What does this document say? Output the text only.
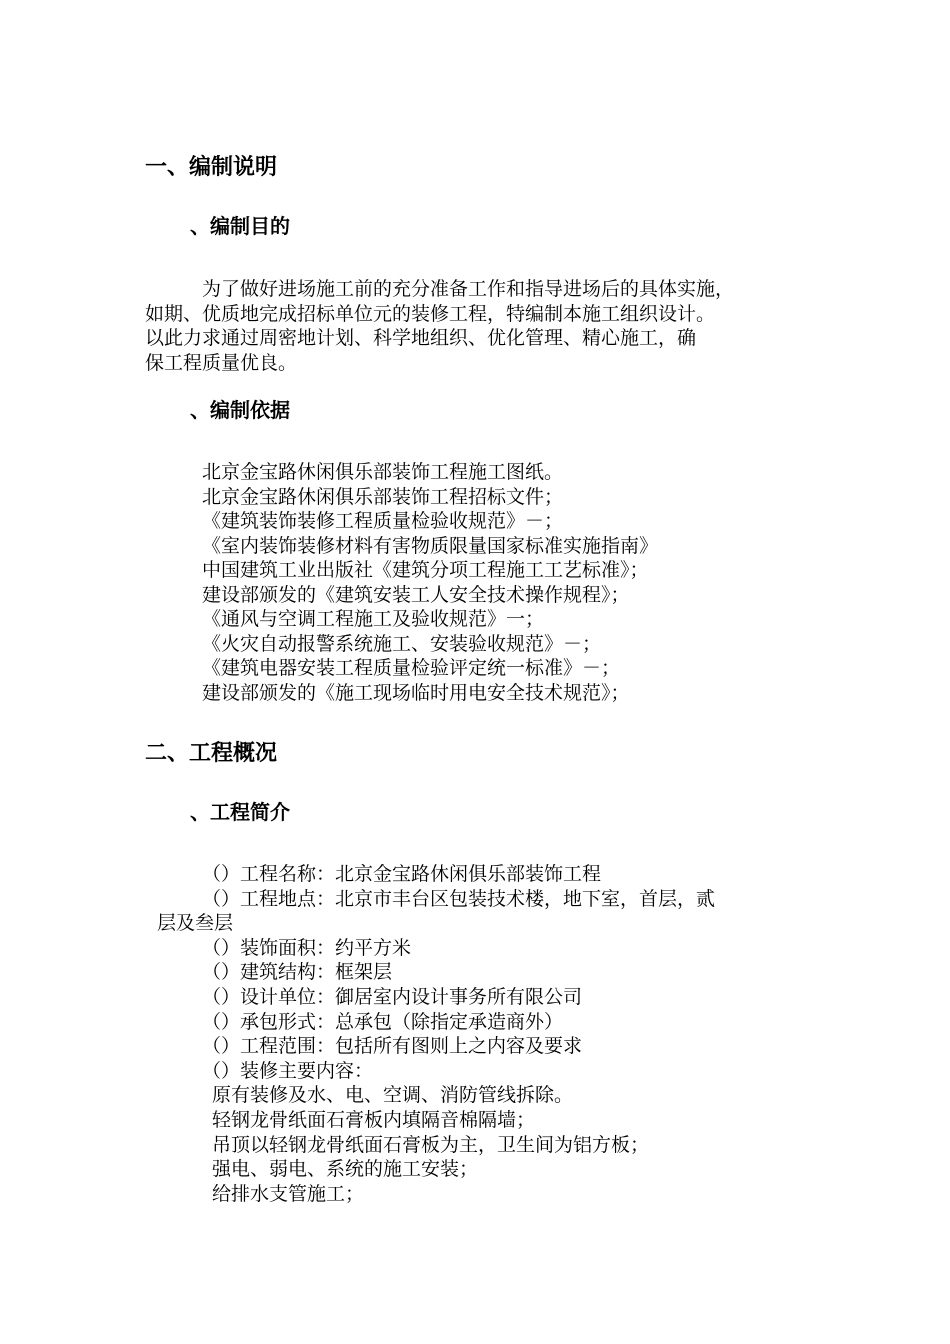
一、编制说明
、编制目的
为了做好进场施工前的充分准备工作和指导进场后的具体实施，
如期、优质地完成招标单位元的装修工程，特编制本施工组织设计。
以此力求通过周密地计划、科学地组织、优化管理、精心施工，确
保工程质量优良。
、编制依据
北京金宝路休闲俱乐部装饰工程施工图纸。
北京金宝路休闲俱乐部装饰工程招标文件；
《建筑装饰装修工程质量检验收规范》－；
《室内装饰装修材料有害物质限量国家标准实施指南》
中国建筑工业出版社《建筑分项工程施工工艺标准》；
建设部颁发的《建筑安装工人安全技术操作规程》；
《通风与空调工程施工及验收规范》一；
《火灾自动报警系统施工、安装验收规范》－；
《建筑电器安装工程质量检验评定统一标准》－；
建设部颁发的《施工现场临时用电安全技术规范》；
二、工程概况
、工程简介
（）工程名称：北京金宝路休闲俱乐部装饰工程
（）工程地点：北京市丰台区包装技术楼，地下室，首层，贰
层及叁层
（）装饰面积：约平方米
（）建筑结构：框架层
（）设计单位：御居室内设计事务所有限公司
（）承包形式：总承包（除指定承造商外）
（）工程范围：包括所有图则上之内容及要求
（）装修主要内容：
原有装修及水、电、空调、消防管线拆除。
轻钢龙骨纸面石膏板内填隔音棉隔墙；
吊顶以轻钢龙骨纸面石膏板为主，卫生间为铝方板；
强电、弱电、系统的施工安装；
给排水支管施工；
